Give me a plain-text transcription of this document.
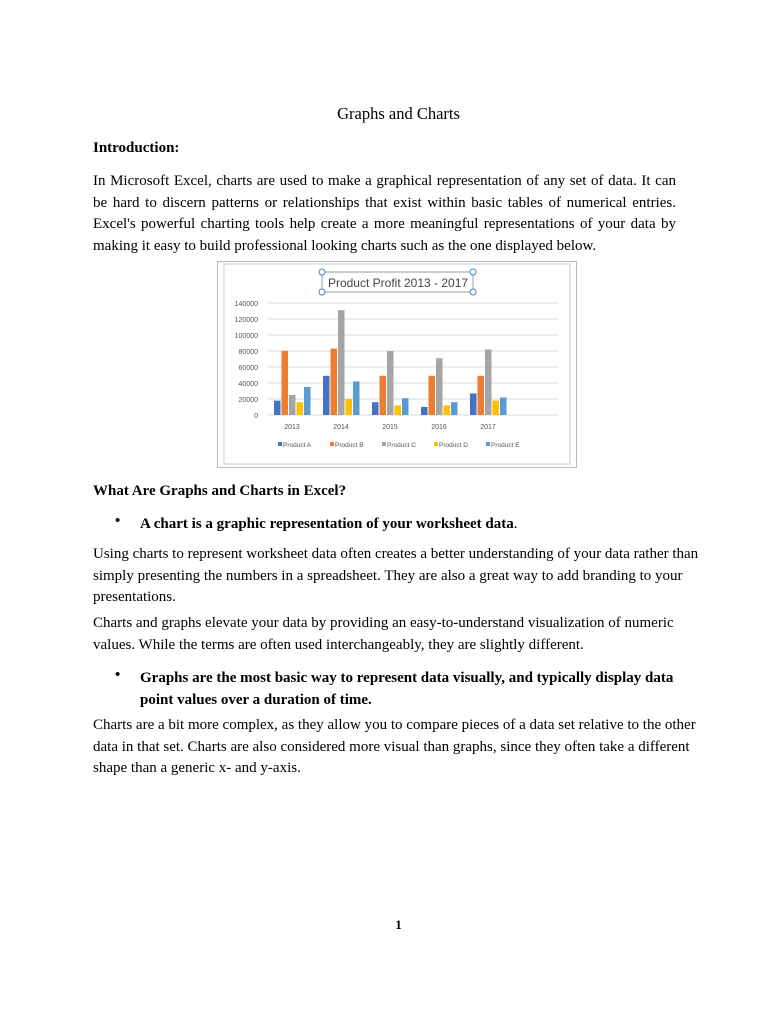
Graphs and Charts

Introduction:

In Microsoft Excel, charts are used to make a graphical representation of any set of data. It can be hard to discern patterns or relationships that exist within basic tables of numerical entries. Excel's powerful charting tools help create a more meaningful representations of your data by making it easy to build professional looking charts such as the one displayed below.

Product Profit 2013 - 2017
0
20000
40000
60000
80000
100000
120000
140000
2013	2014	2015	2016	2017
Product A	Product B	Product C	Product D	Product E

What Are Graphs and Charts in Excel?

• A chart is a graphic representation of your worksheet data.

Using charts to represent worksheet data often creates a better understanding of your data rather than simply presenting the numbers in a spreadsheet. They are also a great way to add branding to your presentations.

Charts and graphs elevate your data by providing an easy-to-understand visualization of numeric values. While the terms are often used interchangeably, they are slightly different.

• Graphs are the most basic way to represent data visually, and typically display data point values over a duration of time.

Charts are a bit more complex, as they allow you to compare pieces of a data set relative to the other data in that set. Charts are also considered more visual than graphs, since they often take a different shape than a generic x- and y-axis.

1
